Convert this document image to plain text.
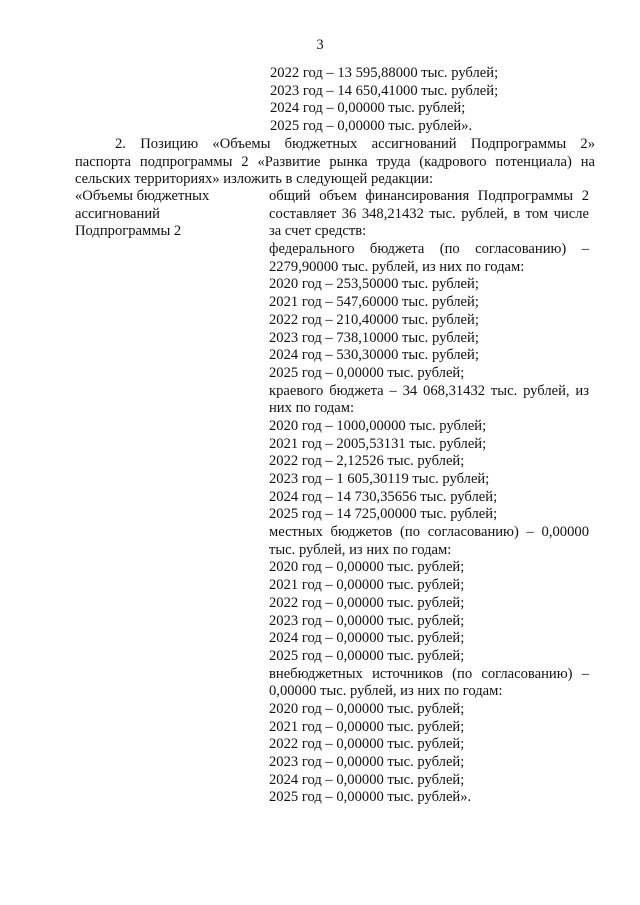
3
2022 год – 13 595,88000 тыс. рублей;
2023 год – 14 650,41000 тыс. рублей;
2024 год – 0,00000 тыс. рублей;
2025 год – 0,00000 тыс. рублей».

2. Позицию «Объемы бюджетных ассигнований Подпрограммы 2»
паспорта подпрограммы 2 «Развитие рынка труда (кадрового потенциала) на
сельских территориях» изложить в следующей редакции:

«Объемы бюджетных
ассигнований
Подпрограммы 2
общий объем финансирования Подпрограммы 2
составляет 36 348,21432 тыс. рублей, в том числе
за счет средств:
федерального бюджета (по согласованию) –
2279,90000 тыс. рублей, из них по годам:
2020 год – 253,50000 тыс. рублей;
2021 год – 547,60000 тыс. рублей;
2022 год – 210,40000 тыс. рублей;
2023 год – 738,10000 тыс. рублей;
2024 год – 530,30000 тыс. рублей;
2025 год – 0,00000 тыс. рублей;
краевого бюджета – 34 068,31432 тыс. рублей, из
них по годам:
2020 год – 1000,00000 тыс. рублей;
2021 год – 2005,53131 тыс. рублей;
2022 год – 2,12526 тыс. рублей;
2023 год – 1 605,30119 тыс. рублей;
2024 год – 14 730,35656 тыс. рублей;
2025 год – 14 725,00000 тыс. рублей;
местных бюджетов (по согласованию) – 0,00000
тыс. рублей, из них по годам:
2020 год – 0,00000 тыс. рублей;
2021 год – 0,00000 тыс. рублей;
2022 год – 0,00000 тыс. рублей;
2023 год – 0,00000 тыс. рублей;
2024 год – 0,00000 тыс. рублей;
2025 год – 0,00000 тыс. рублей;
внебюджетных источников (по согласованию) –
0,00000 тыс. рублей, из них по годам:
2020 год – 0,00000 тыс. рублей;
2021 год – 0,00000 тыс. рублей;
2022 год – 0,00000 тыс. рублей;
2023 год – 0,00000 тыс. рублей;
2024 год – 0,00000 тыс. рублей;
2025 год – 0,00000 тыс. рублей».
